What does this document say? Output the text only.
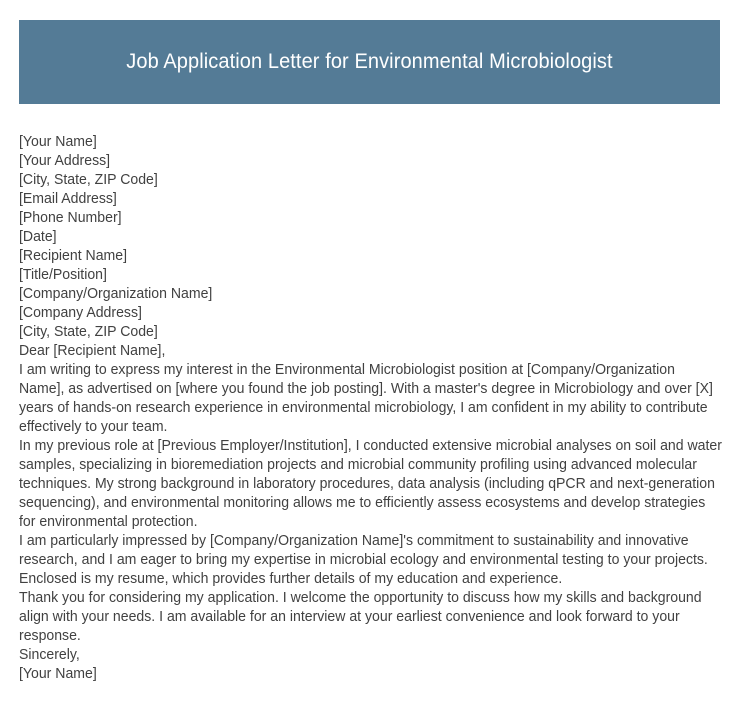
Job Application Letter for Environmental Microbiologist

[Your Name]

[Your Address]

[City, State, ZIP Code]

[Email Address]

[Phone Number]

[Date]

[Recipient Name]

[Title/Position]

[Company/Organization Name]

[Company Address]

[City, State, ZIP Code]

Dear [Recipient Name],

I am writing to express my interest in the Environmental Microbiologist position at [Company/Organization Name], as advertised on [where you found the job posting]. With a master's degree in Microbiology and over [X] years of hands-on research experience in environmental microbiology, I am confident in my ability to contribute effectively to your team.

In my previous role at [Previous Employer/Institution], I conducted extensive microbial analyses on soil and water samples, specializing in bioremediation projects and microbial community profiling using advanced molecular techniques. My strong background in laboratory procedures, data analysis (including qPCR and next-generation sequencing), and environmental monitoring allows me to efficiently assess ecosystems and develop strategies for environmental protection.

I am particularly impressed by [Company/Organization Name]'s commitment to sustainability and innovative research, and I am eager to bring my expertise in microbial ecology and environmental testing to your projects. Enclosed is my resume, which provides further details of my education and experience.

Thank you for considering my application. I welcome the opportunity to discuss how my skills and background align with your needs. I am available for an interview at your earliest convenience and look forward to your response.

Sincerely,

[Your Name]
